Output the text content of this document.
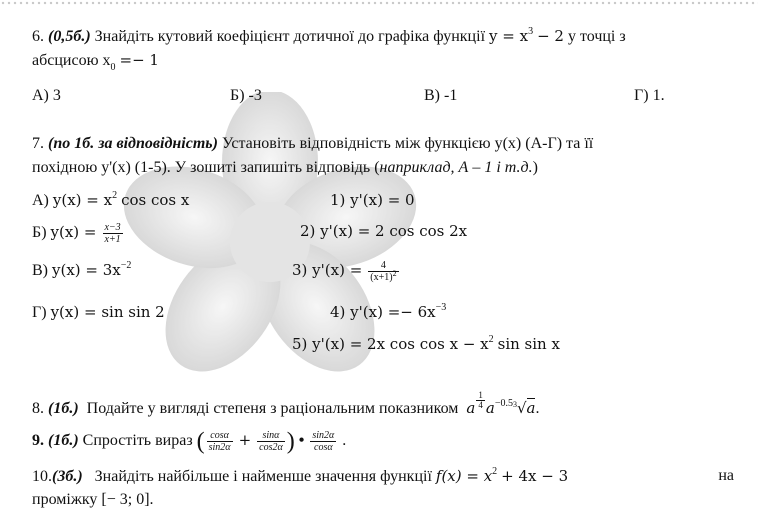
6. (0,5б.) Знайдіть кутовий коефіцієнт дотичної до графіка функції $y = x^3 - 2$ у точці з
абсцисою $x_0 =- 1$
А) 3	Б) -3	В) -1	Г) 1.
7. (по 1б. за відповідність) Установіть відповідність між функцією y(x) (А-Г) та її
похідною y'(x) (1-5). У зошиті запишіть відповідь (наприклад, А – 1 і т.д.)
А) $y(x) = x^2$ cos cos x
Б) $y(x) = \frac{x-3}{x+1}$
В) $y(x) = 3x^{-2}$
Г) y(x) = sin sin 2
1) y'(x) = 0
2) y'(x) = 2 cos cos 2x
3) $y'(x) = \frac{4}{(x+1)^2}$
4) $y'(x) =- 6x^{-3}$
5) y'(x) = 2x $\cos \cos x - x^2$ sin sin x
8. (1б.) Подайте у вигляді степеня з раціональним показником a $\frac{1}{4} a^{-0.53}√a$.
9. (1б.) Спростіть вираз ( $\frac{\cos\alpha}{\sin 2\alpha} + \frac{\sin\alpha}{\cos 2\alpha}$ ) • $\frac{\sin 2\alpha}{\cos\alpha}$ .
10.(3б.) Знайдіть найбільше і найменше значення функції $f(x) = x^2 + 4x - 3$	на
проміжку [− 3; 0].
